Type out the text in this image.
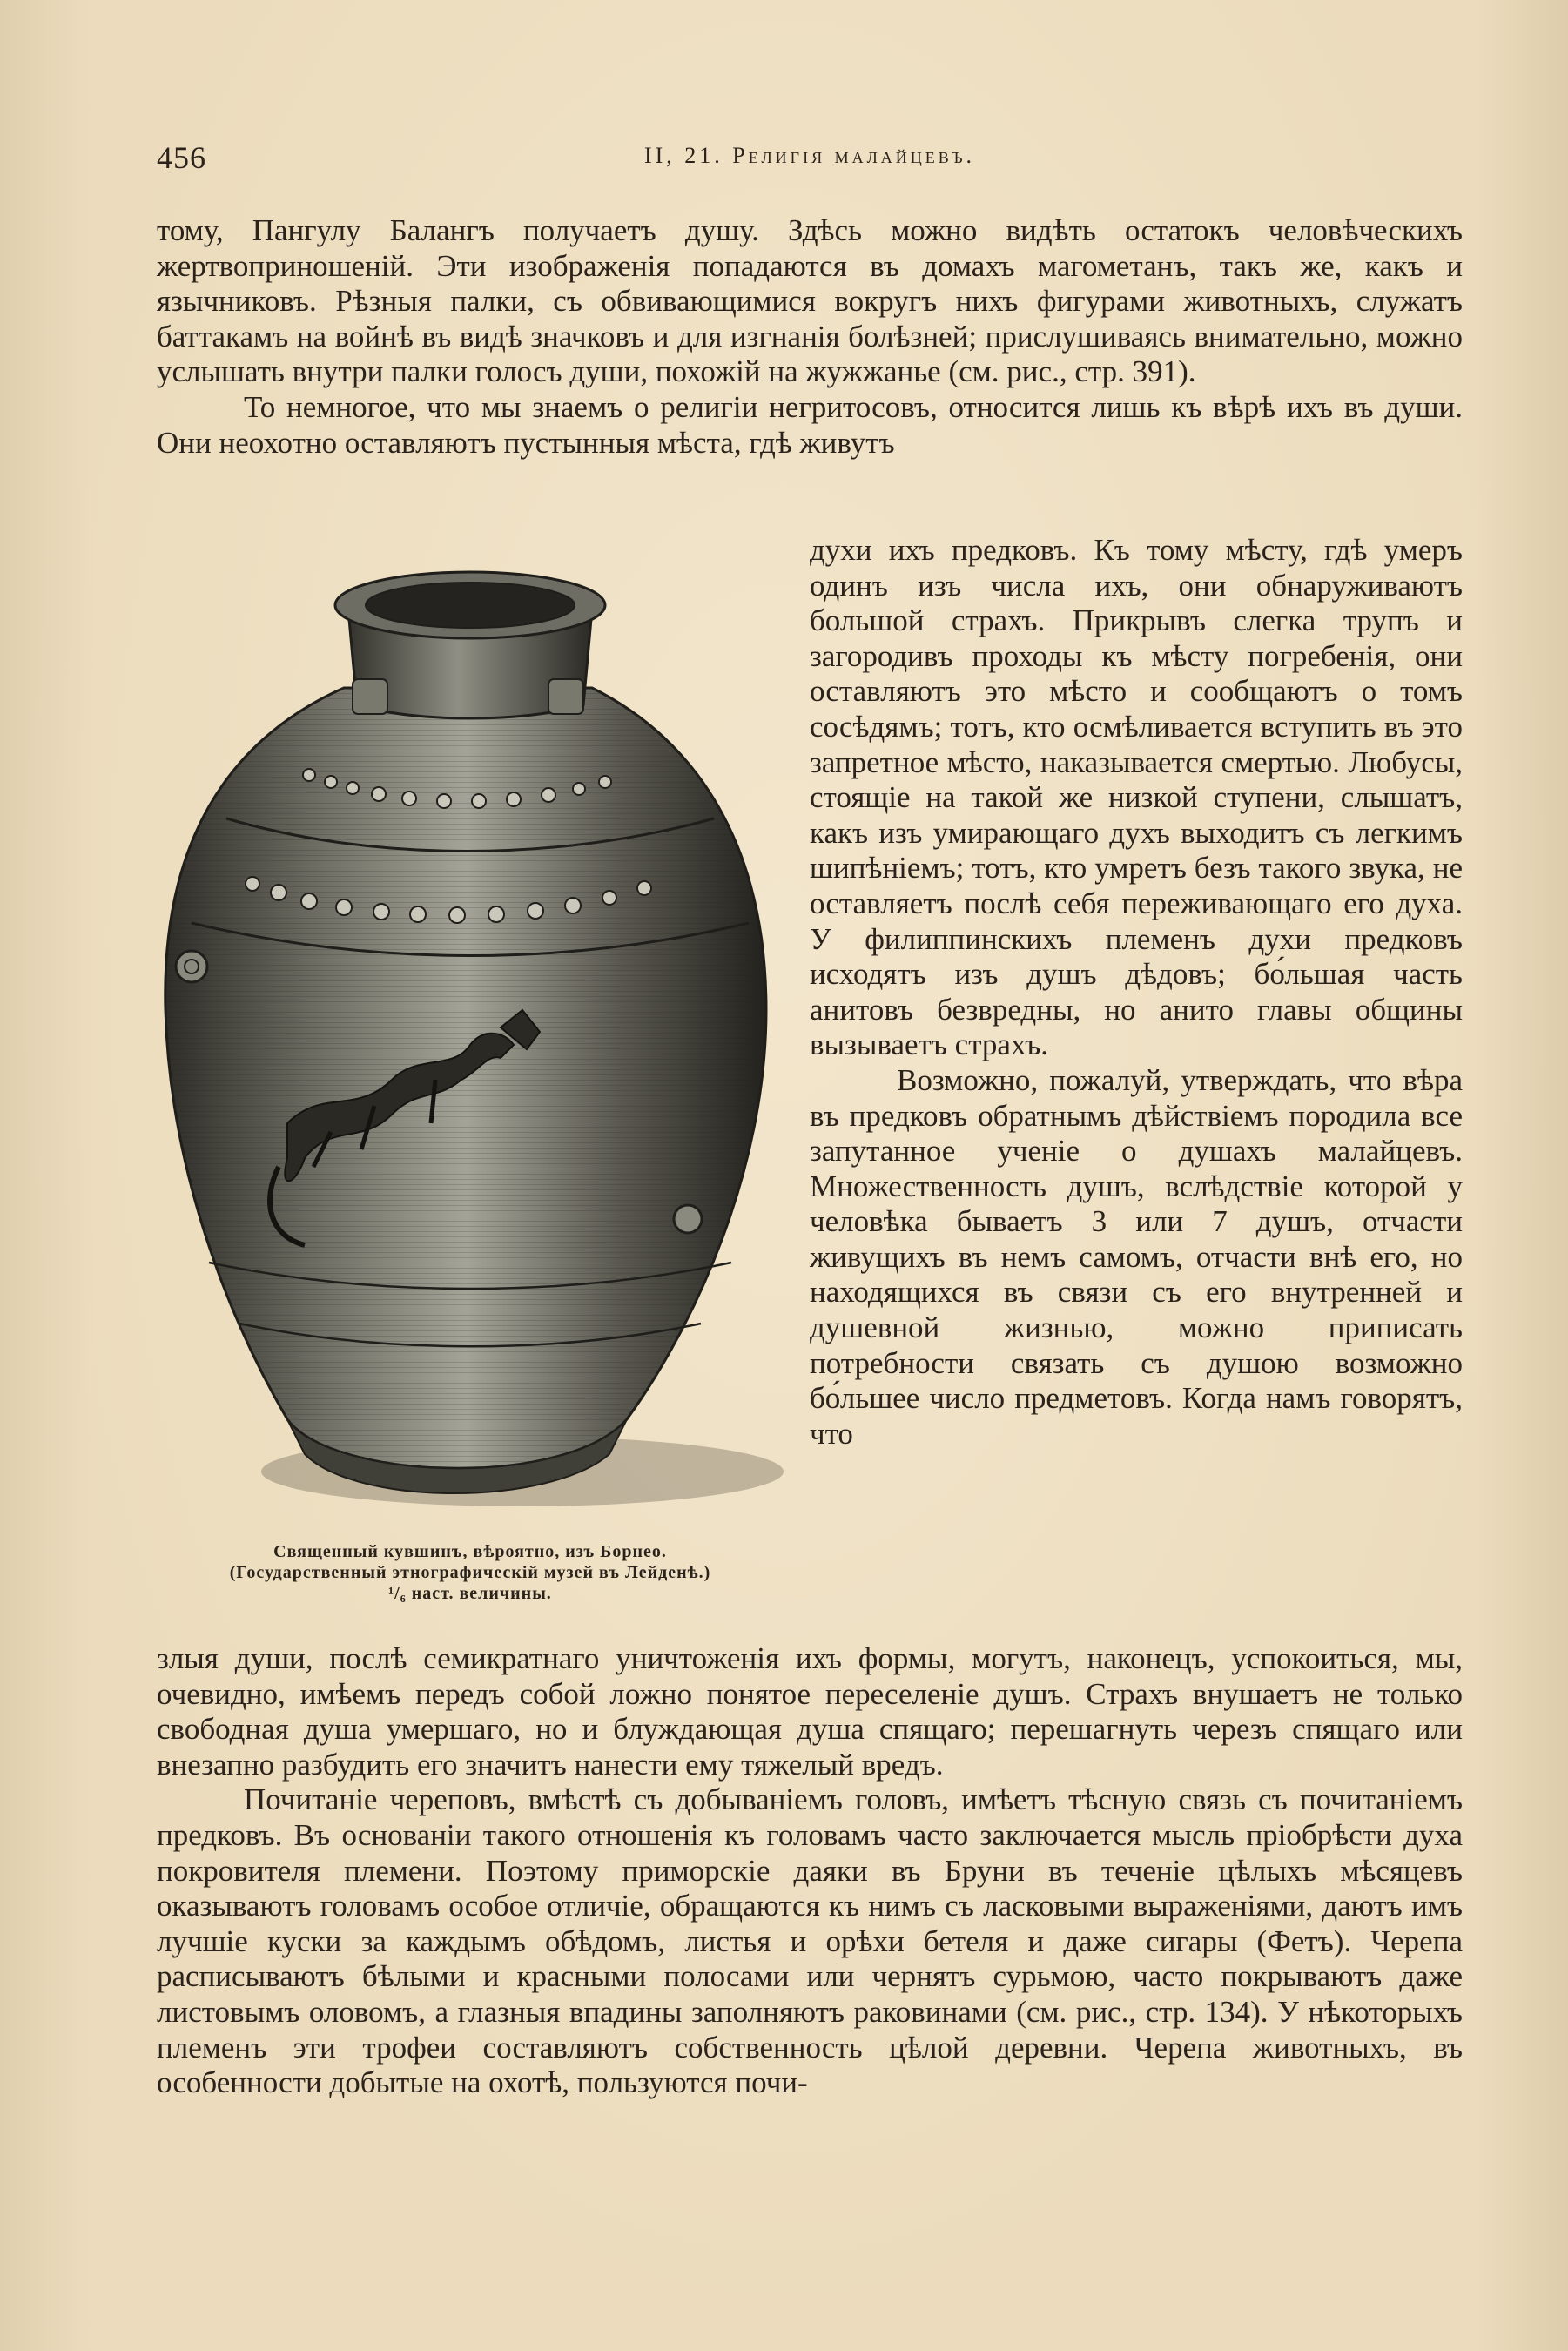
456	II, 21. Религія малайцевъ.

тому, Пангулу Балангъ получаетъ душу. Здѣсь можно видѣть остатокъ человѣческихъ жертвоприношеній. Эти изображенія попадаются въ домахъ магометанъ, такъ же, какъ и язычниковъ. Рѣзныя палки, съ обвивающимися вокругъ нихъ фигурами животныхъ, служатъ баттакамъ на войнѣ въ видѣ значковъ и для изгнанія болѣзней; прислушиваясь внимательно, можно услышать внутри палки голосъ души, похожій на жужжанье (см. рис., стр. 391).

То немногое, что мы знаемъ о религіи негритосовъ, относится лишь къ вѣрѣ ихъ въ души. Они неохотно оставляютъ пустынныя мѣста, гдѣ живутъ

Священный кувшинъ, вѣроятно, изъ Борнео.
(Государственный этнографическій музей въ Лейденѣ.)
¹/₆ наст. величины.

духи ихъ предковъ. Къ тому мѣсту, гдѣ умеръ одинъ изъ числа ихъ, они обнаруживаютъ большой страхъ. Прикрывъ слегка трупъ и загородивъ проходы къ мѣсту погребенія, они оставляютъ это мѣсто и сообщаютъ о томъ сосѣдямъ; тотъ, кто осмѣливается вступить въ это запретное мѣсто, наказывается смертью. Любусы, стоящіе на такой же низкой ступени, слышатъ, какъ изъ умирающаго духъ выходитъ съ легкимъ шипѣніемъ; тотъ, кто умретъ безъ такого звука, не оставляетъ послѣ себя переживающаго его духа. У филиппинскихъ племенъ духи предковъ исходятъ изъ душъ дѣдовъ; бо́льшая часть анитовъ безвредны, но анито главы общины вызываетъ страхъ.

Возможно, пожалуй, утверждать, что вѣра въ предковъ обратнымъ дѣйствіемъ породила все запутанное ученіе о душахъ малайцевъ. Множественность душъ, вслѣдствіе которой у человѣка бываетъ 3 или 7 душъ, отчасти живущихъ въ немъ самомъ, отчасти внѣ его, но находящихся въ связи съ его внутренней и душевной жизнью, можно приписать потребности связать съ душою возможно бо́льшее число предметовъ. Когда намъ говорятъ, что

злыя души, послѣ семикратнаго уничтоженія ихъ формы, могутъ, наконецъ, успокоиться, мы, очевидно, имѣемъ передъ собой ложно понятое переселеніе душъ. Страхъ внушаетъ не только свободная душа умершаго, но и блуждающая душа спящаго; перешагнуть черезъ спящаго или внезапно разбудить его значитъ нанести ему тяжелый вредъ.

Почитаніе череповъ, вмѣстѣ съ добываніемъ головъ, имѣетъ тѣсную связь съ почитаніемъ предковъ. Въ основаніи такого отношенія къ головамъ часто заключается мысль пріобрѣсти духа покровителя племени. Поэтому приморскіе даяки въ Бруни въ теченіе цѣлыхъ мѣсяцевъ оказываютъ головамъ особое отличіе, обращаются къ нимъ съ ласковыми выраженіями, даютъ имъ лучшіе куски за каждымъ обѣдомъ, листья и орѣхи бетеля и даже сигары (Фетъ). Черепа расписываютъ бѣлыми и красными полосами или чернятъ сурьмою, часто покрываютъ даже листовымъ оловомъ, а глазныя впадины заполняютъ раковинами (см. рис., стр. 134). У нѣкоторыхъ племенъ эти трофеи составляютъ собственность цѣлой деревни. Черепа животныхъ, въ особенности добытые на охотѣ, пользуются почи-
